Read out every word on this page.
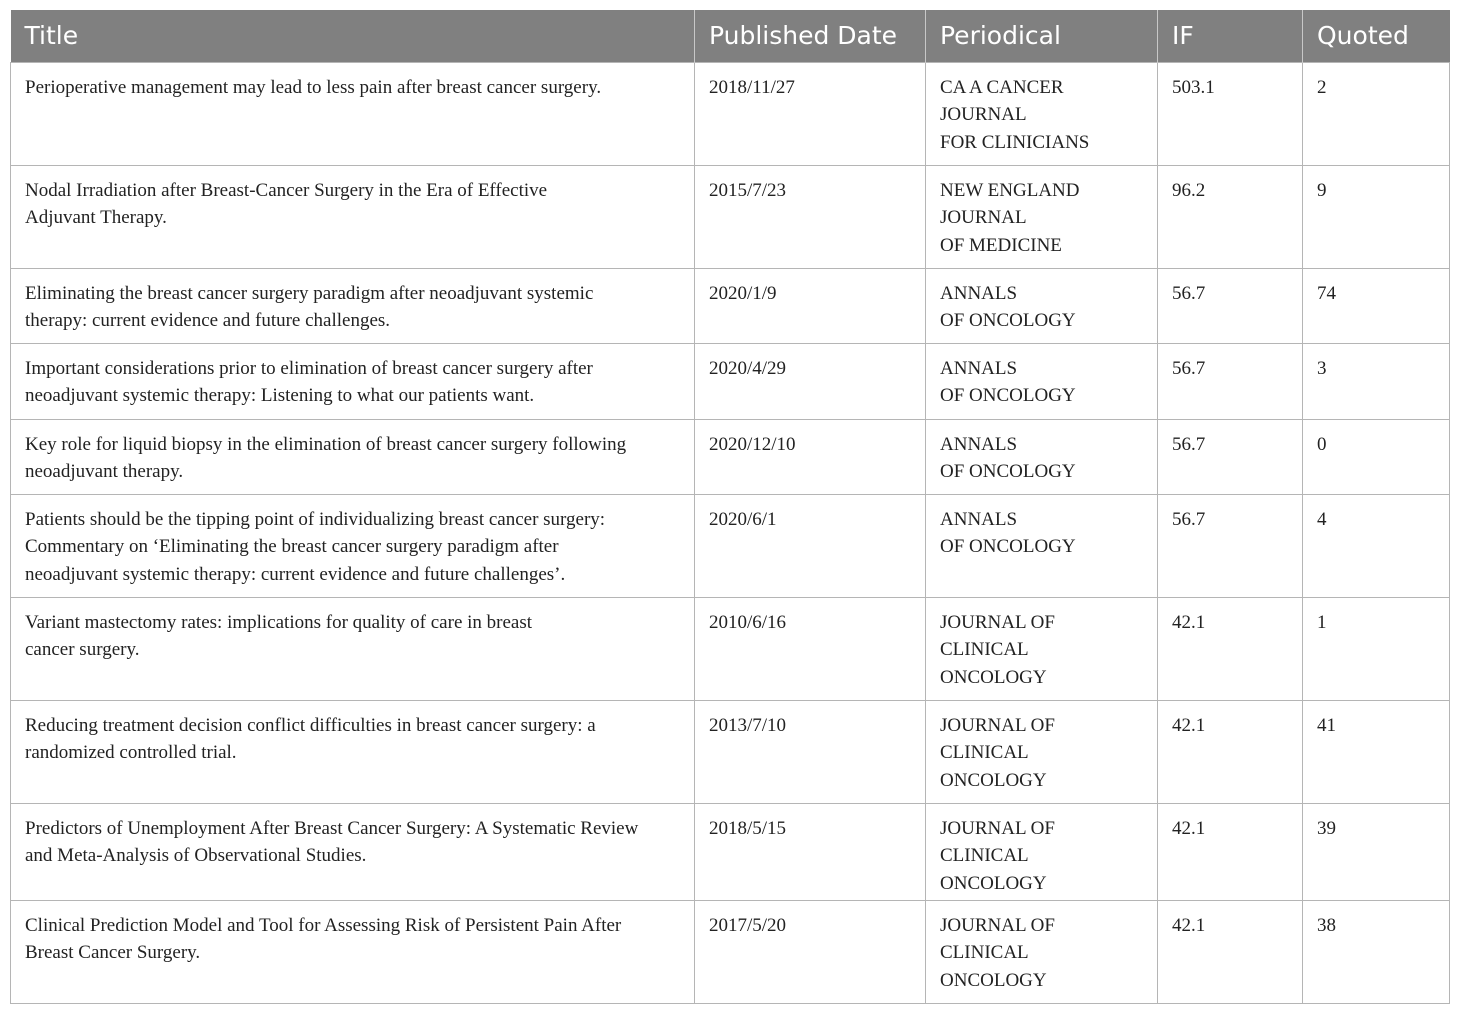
Title	Published Date	Periodical	IF	Quoted

Perioperative management may lead to less pain after breast cancer surgery.	2018/11/27	CA A CANCER
JOURNAL
FOR CLINICIANS	503.1	2

Nodal Irradiation after Breast-Cancer Surgery in the Era of Effective
Adjuvant Therapy.	2015/7/23	NEW ENGLAND
JOURNAL
OF MEDICINE	96.2	9

Eliminating the breast cancer surgery paradigm after neoadjuvant systemic
therapy: current evidence and future challenges.	2020/1/9	ANNALS
OF ONCOLOGY	56.7	74

Important considerations prior to elimination of breast cancer surgery after
neoadjuvant systemic therapy: Listening to what our patients want.	2020/4/29	ANNALS
OF ONCOLOGY	56.7	3

Key role for liquid biopsy in the elimination of breast cancer surgery following
neoadjuvant therapy.	2020/12/10	ANNALS
OF ONCOLOGY	56.7	0

Patients should be the tipping point of individualizing breast cancer surgery:
Commentary on ‘Eliminating the breast cancer surgery paradigm after
neoadjuvant systemic therapy: current evidence and future challenges’.	2020/6/1	ANNALS
OF ONCOLOGY	56.7	4

Variant mastectomy rates: implications for quality of care in breast
cancer surgery.	2010/6/16	JOURNAL OF
CLINICAL
ONCOLOGY	42.1	1

Reducing treatment decision conflict difficulties in breast cancer surgery: a
randomized controlled trial.	2013/7/10	JOURNAL OF
CLINICAL
ONCOLOGY	42.1	41

Predictors of Unemployment After Breast Cancer Surgery: A Systematic Review
and Meta-Analysis of Observational Studies.	2018/5/15	JOURNAL OF
CLINICAL
ONCOLOGY	42.1	39

Clinical Prediction Model and Tool for Assessing Risk of Persistent Pain After
Breast Cancer Surgery.	2017/5/20	JOURNAL OF
CLINICAL
ONCOLOGY	42.1	38
